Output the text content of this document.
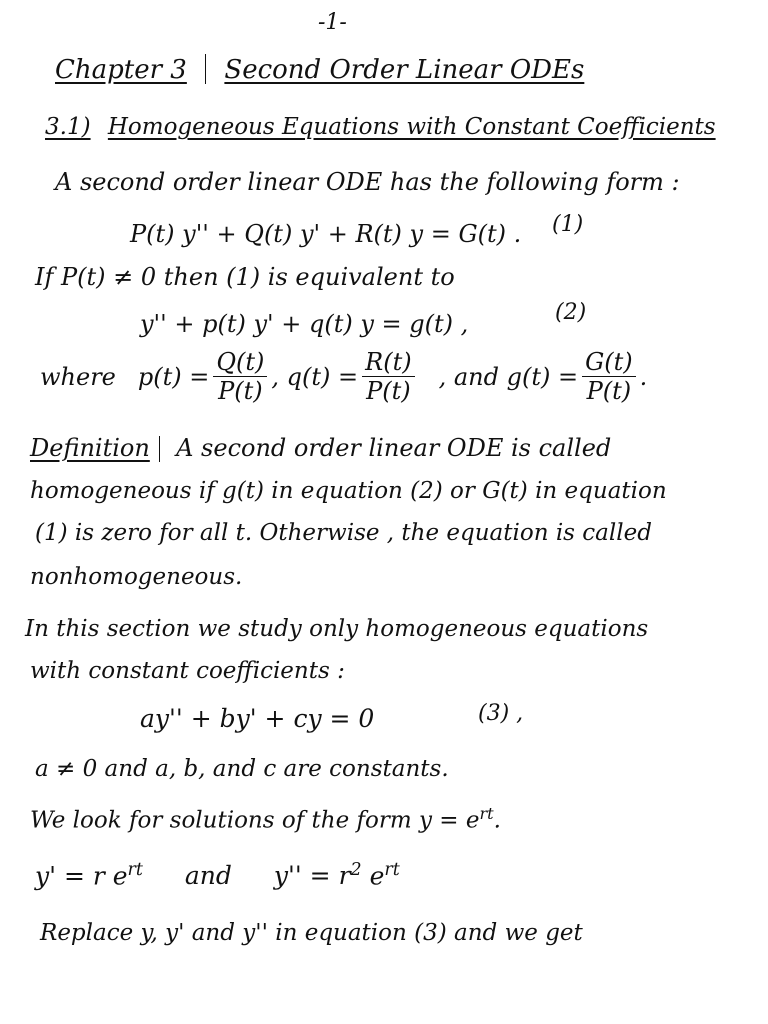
-1-
Chapter 3 Second Order Linear ODEs
3.1) Homogeneous Equations with Constant Coefficients
A second order linear ODE has the following form :
P(t) y'' + Q(t) y' + R(t) y = G(t) . (1)
If P(t) ≠ 0 then (1) is equivalent to
y'' + p(t) y' + q(t) y = g(t) ,	(2)
where $p(t) = \frac{Q(t)}{P(t)}$ , $q(t) = \frac{R(t)}{P(t)}$ , and $g(t) = \frac{G(t)}{P(t)}$ .
Definition A second order linear ODE is called
homogeneous if g(t) in equation (2) or G(t) in equation
(1) is zero for all t. Otherwise , the equation is called
nonhomogeneous.
In this section we study only homogeneous equations
with constant coefficients :
ay'' + by' + cy = 0	(3) ,
a ≠ 0 and a, b, and c are constants.
We look for solutions of the form $y = e^{rt}$.
y' = r $e^{rt}$ and $y'' = r^2$ $e^{rt}$
Replace y, y' and y'' in equation (3) and we get
